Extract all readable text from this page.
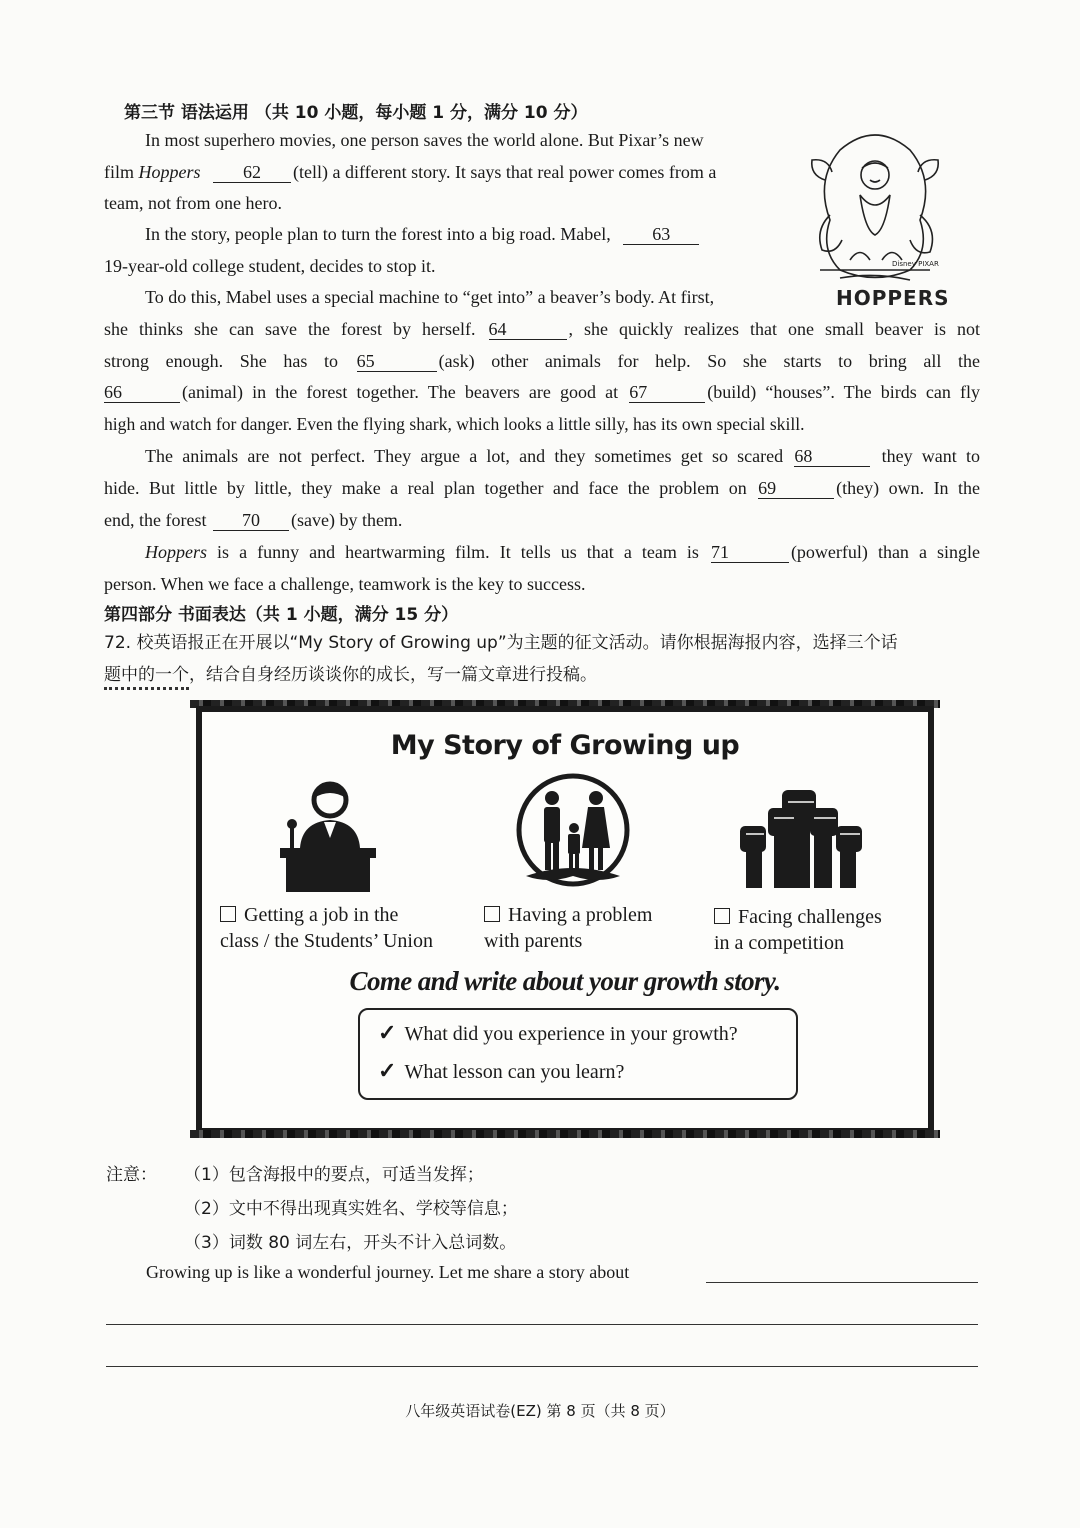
第三节 语法运用 （共 10 小题，每小题 1 分，满分 10 分）
In most superhero movies, one person saves the world alone. But Pixar’s new
film Hoppers 62 (tell) a different story. It says that real power comes from a
team, not from one hero.
In the story, people plan to turn the forest into a big road. Mabel, 63
19-year-old college student, decides to stop it.
To do this, Mabel uses a special machine to “get into” a beaver’s body. At first,
she thinks she can save the forest by herself. 64	, she quickly realizes that one small beaver is not
strong enough. She has to 65	(ask) other animals for help. So she starts to bring all the
66	(animal) in the forest together. The beavers are good at 67	(build) “houses”. The birds can fly
high and watch for danger. Even the flying shark, which looks a little silly, has its own special skill.
The animals are not perfect. They argue a lot, and they sometimes get so scared 68	they want to
hide. But little by little, they make a real plan together and face the problem on 69	(they) own. In the
end, the forest 70 (save) by them.
Hoppers is a funny and heartwarming film. It tells us that a team is 71	(powerful) than a single
person. When we face a challenge, teamwork is the key to success.
Disney PIXAR
HOPPERS
第四部分 书面表达（共 1 小题，满分 15 分）
72. 校英语报正在开展以“My Story of Growing up”为主题的征文活动。请你根据海报内容，选择三个话
题中的一个，结合自身经历谈谈你的成长，写一篇文章进行投稿。
My Story of Growing up
Getting a job in the
class / the Students’ Union
Having a problem
with parents
Facing challenges
in a competition
Come and write about your growth story.
✓ What did you experience in your growth?
✓ What lesson can you learn?
注意： （1）包含海报中的要点，可适当发挥；
（2）文中不得出现真实姓名、学校等信息；
（3）词数 80 词左右，开头不计入总词数。
Growing up is like a wonderful journey. Let me share a story about
八年级英语试卷(EZ) 第 8 页（共 8 页）
